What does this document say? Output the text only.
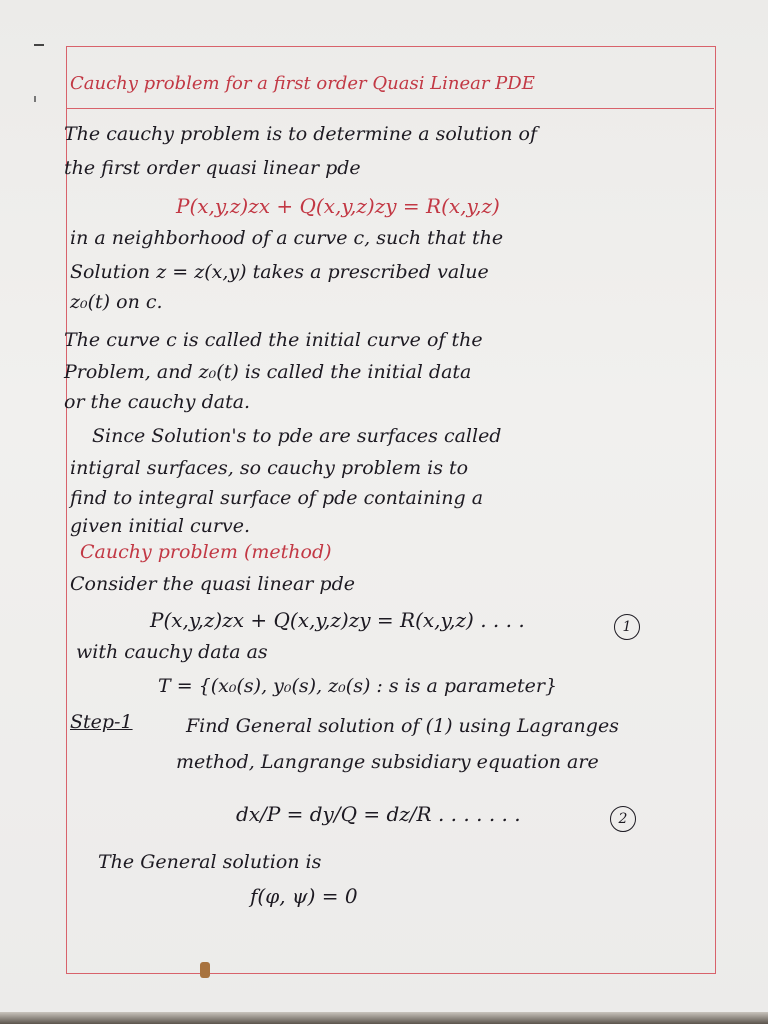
Cauchy problem for a first order Quasi Linear PDE
The cauchy problem is to determine a solution of
the first order quasi linear pde
P(x,y,z)zx + Q(x,y,z)zy = R(x,y,z)
in a neighborhood of a curve c, such that the
Solution z = z(x,y) takes a prescribed value
z₀(t) on c.
The curve c is called the initial curve of the
Problem, and z₀(t) is called the initial data
or the cauchy data.
Since Solution's to pde are surfaces called
intigral surfaces, so cauchy problem is to
find to integral surface of pde containing a
given initial curve.
Cauchy problem (method)
Consider the quasi linear pde
P(x,y,z)zx + Q(x,y,z)zy = R(x,y,z) . . . .	1
with cauchy data as
T = {(x₀(s), y₀(s), z₀(s) : s is a parameter}
Step-1	Find General solution of (1) using Lagranges
method, Langrange subsidiary equation are
dx/P = dy/Q = dz/R . . . . . . .	2
The General solution is
f(φ, ψ) = 0
